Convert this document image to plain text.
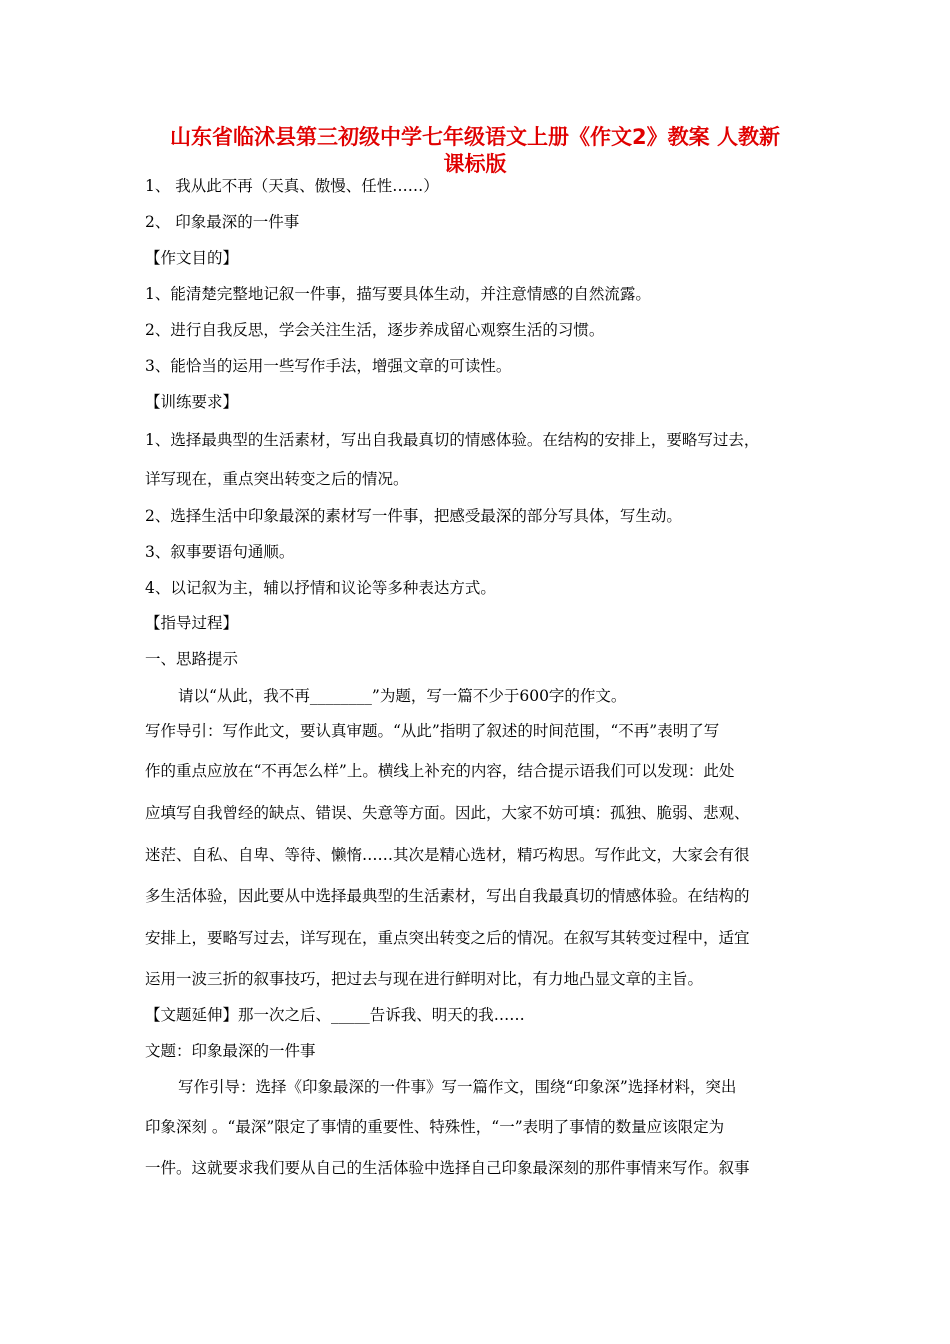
山东省临沭县第三初级中学七年级语文上册《作文2》教案 人教新
课标版

1、 我从此不再（天真、傲慢、任性……）

2、 印象最深的一件事

【作文目的】

1、能清楚完整地记叙一件事，描写要具体生动，并注意情感的自然流露。

2、进行自我反思，学会关注生活，逐步养成留心观察生活的习惯。

3、能恰当的运用一些写作手法，增强文章的可读性。

【训练要求】

1、选择最典型的生活素材，写出自我最真切的情感体验。在结构的安排上，要略写过去，

详写现在，重点突出转变之后的情况。

2、选择生活中印象最深的素材写一件事，把感受最深的部分写具体，写生动。

3、叙事要语句通顺。

4、以记叙为主，辅以抒情和议论等多种表达方式。

【指导过程】

一、思路提示

请以“从此，我不再________”为题，写一篇不少于600字的作文。

写作导引：写作此文，要认真审题。“从此”指明了叙述的时间范围，“不再”表明了写

作的重点应放在“不再怎么样”上。横线上补充的内容，结合提示语我们可以发现：此处

应填写自我曾经的缺点、错误、失意等方面。因此，大家不妨可填：孤独、脆弱、悲观、

迷茫、自私、自卑、等待、懒惰……其次是精心选材，精巧构思。写作此文，大家会有很

多生活体验，因此要从中选择最典型的生活素材，写出自我最真切的情感体验。在结构的

安排上，要略写过去，详写现在，重点突出转变之后的情况。在叙写其转变过程中，适宜

运用一波三折的叙事技巧，把过去与现在进行鲜明对比，有力地凸显文章的主旨。

【文题延伸】那一次之后、_____告诉我、明天的我……

文题：印象最深的一件事

写作引导：选择《印象最深的一件事》写一篇作文，围绕“印象深”选择材料，突出

印象深刻 。“最深”限定了事情的重要性、特殊性，“一”表明了事情的数量应该限定为

一件。这就要求我们要从自己的生活体验中选择自己印象最深刻的那件事情来写作。叙事
